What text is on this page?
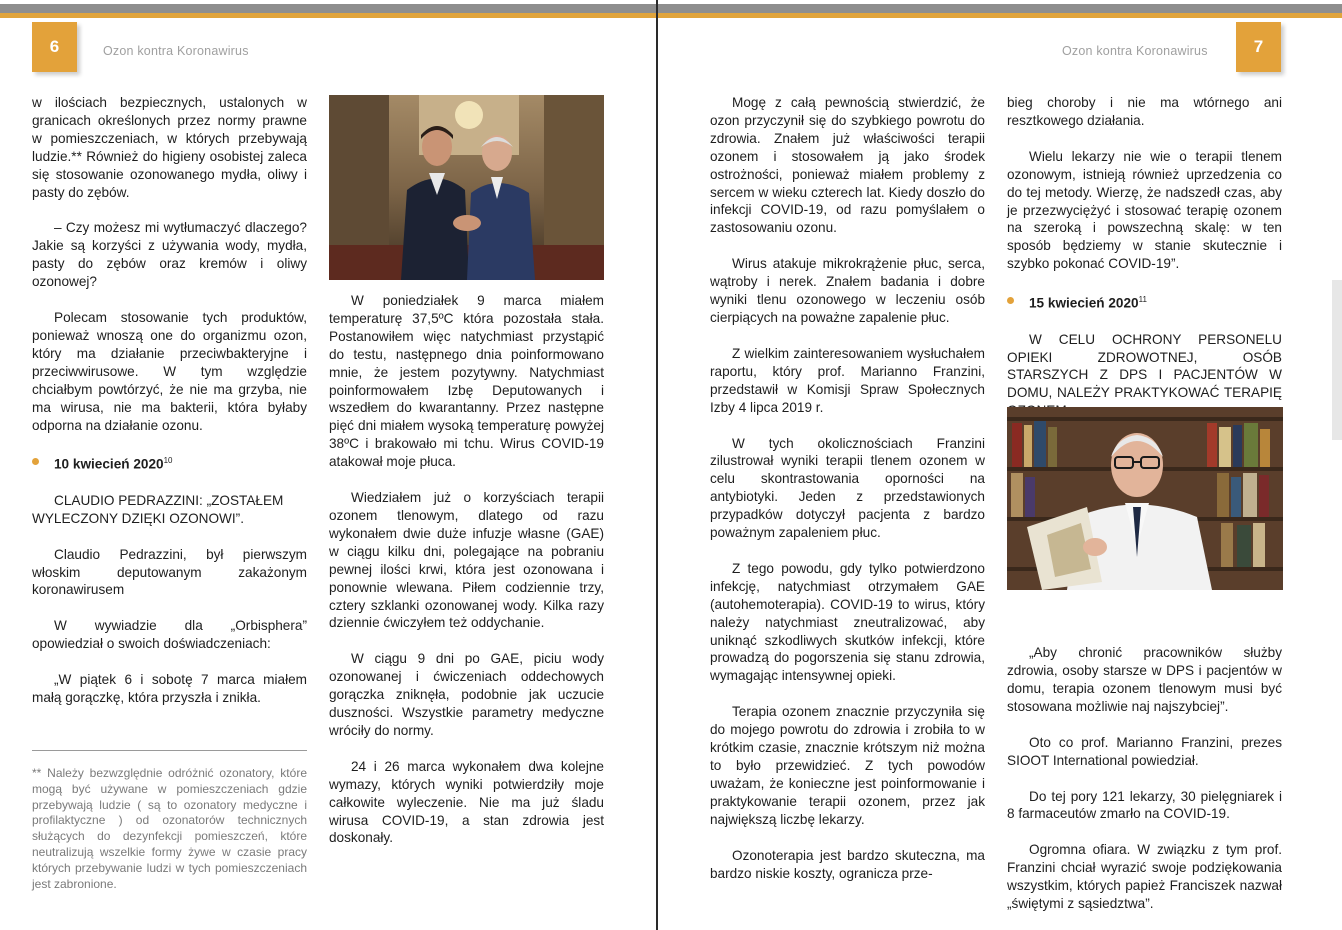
6	Ozon kontra Koronawirus	Ozon kontra Koronawirus	7

w ilościach bezpiecznych, ustalonych w granicach określonych przez normy prawne w pomieszczeniach, w których przebywają ludzie.** Również do higieny osobistej zaleca się stosowanie ozonowanego mydła, oliwy i pasty do zębów.

– Czy możesz mi wytłumaczyć dlaczego? Jakie są korzyści z używania wody, mydła, pasty do zębów oraz kremów i oliwy ozonowej?

Polecam stosowanie tych produktów, ponieważ wnoszą one do organizmu ozon, który ma działanie przeciwbakteryjne i przeciwwirusowe. W tym względzie chciałbym powtórzyć, że nie ma grzyba, nie ma wirusa, nie ma bakterii, która byłaby odporna na działanie ozonu.

10 kwiecień 2020$^{10}$

CLAUDIO PEDRAZZINI: „ZOSTAŁEM WYLECZONY DZIĘKI OZONOWI”.

Claudio Pedrazzini, był pierwszym włoskim deputowanym zakażonym koronawirusem

W wywiadzie dla „Orbisphera” opowiedział o swoich doświadczeniach:

„W piątek 6 i sobotę 7 marca miałem małą gorączkę, która przyszła i znikła.

** Należy bezwzględnie odróżnić ozonatory, które mogą być używane w pomieszczeniach gdzie przebywają ludzie ( są to ozonatory medyczne i profilaktyczne ) od ozonatorów technicznych służących do dezynfekcji pomieszczeń, które neutralizują wszelkie formy żywe w czasie pracy których przebywanie ludzi w tych pomieszczeniach jest zabronione.

W poniedziałek 9 marca miałem temperaturę 37,5ºC która pozostała stała. Postanowiłem więc natychmiast przystąpić do testu, następnego dnia poinformowano mnie, że jestem pozytywny. Natychmiast poinformowałem Izbę Deputowanych i wszedłem do kwarantanny. Przez następne pięć dni miałem wysoką temperaturę powyżej 38ºC i brakowało mi tchu. Wirus COVID-19 atakował moje płuca.

Wiedziałem już o korzyściach terapii ozonem tlenowym, dlatego od razu wykonałem dwie duże infuzje własne (GAE) w ciągu kilku dni, polegające na pobraniu pewnej ilości krwi, która jest ozonowana i ponownie wlewana. Piłem codziennie trzy, cztery szklanki ozonowanej wody. Kilka razy dziennie ćwiczyłem też oddychanie.

W ciągu 9 dni po GAE, piciu wody ozonowanej i ćwiczeniach oddechowych gorączka zniknęła, podobnie jak uczucie duszności. Wszystkie parametry medyczne wróciły do normy.

24 i 26 marca wykonałem dwa kolejne wymazy, których wyniki potwierdziły moje całkowite wyleczenie. Nie ma już śladu wirusa COVID-19, a stan zdrowia jest doskonały.

Mogę z całą pewnością stwierdzić, że ozon przyczynił się do szybkiego powrotu do zdrowia. Znałem już właściwości terapii ozonem i stosowałem ją jako środek ostrożności, ponieważ miałem problemy z sercem w wieku czterech lat. Kiedy doszło do infekcji COVID-19, od razu pomyślałem o zastosowaniu ozonu.

Wirus atakuje mikrokrążenie płuc, serca, wątroby i nerek. Znałem badania i dobre wyniki tlenu ozonowego w leczeniu osób cierpiących na poważne zapalenie płuc.

Z wielkim zainteresowaniem wysłuchałem raportu, który prof. Marianno Franzini, przedstawił w Komisji Spraw Społecznych Izby 4 lipca 2019 r.

W tych okolicznościach Franzini zilustrował wyniki terapii tlenem ozonem w celu skontrastowania oporności na antybiotyki. Jeden z przedstawionych przypadków dotyczył pacjenta z bardzo poważnym zapaleniem płuc.

Z tego powodu, gdy tylko potwierdzono infekcję, natychmiast otrzymałem GAE (autohemoterapia). COVID-19 to wirus, który należy natychmiast zneutralizować, aby uniknąć szkodliwych skutków infekcji, które prowadzą do pogorszenia się stanu zdrowia, wymagając intensywnej opieki.

Terapia ozonem znacznie przyczyniła się do mojego powrotu do zdrowia i zrobiła to w krótkim czasie, znacznie krótszym niż można to było przewidzieć. Z tych powodów uważam, że konieczne jest poinformowanie i praktykowanie terapii ozonem, przez jak największą liczbę lekarzy.

Ozonoterapia jest bardzo skuteczna, ma bardzo niskie koszty, ogranicza prze-

bieg choroby i nie ma wtórnego ani resztkowego działania.

Wielu lekarzy nie wie o terapii tlenem ozonowym, istnieją również uprzedzenia co do tej metody. Wierzę, że nadszedł czas, aby je przezwyciężyć i stosować terapię ozonem na szeroką i powszechną skalę: w ten sposób będziemy w stanie skutecznie i szybko pokonać COVID-19”.

15 kwiecień 2020$^{11}$

W CELU OCHRONY PERSONELU OPIEKI ZDROWOTNEJ, OSÓB STARSZYCH Z DPS I PACJENTÓW W DOMU, NALEŻY PRAKTYKOWAĆ TERAPIĘ

„Aby chronić pracowników służby zdrowia, osoby starsze w DPS i pacjentów w domu, terapia ozonem tlenowym musi być stosowana możliwie naj najszybciej”.

Oto co prof. Marianno Franzini, prezes SIOOT International powiedział.

Do tej pory 121 lekarzy, 30 pielęgniarek i 8 farmaceutów zmarło na COVID-19.

Ogromna ofiara. W związku z tym prof. Franzini chciał wyrazić swoje podziękowania wszystkim, których papież Franciszek nazwał „świętymi z sąsiedztwa”.
